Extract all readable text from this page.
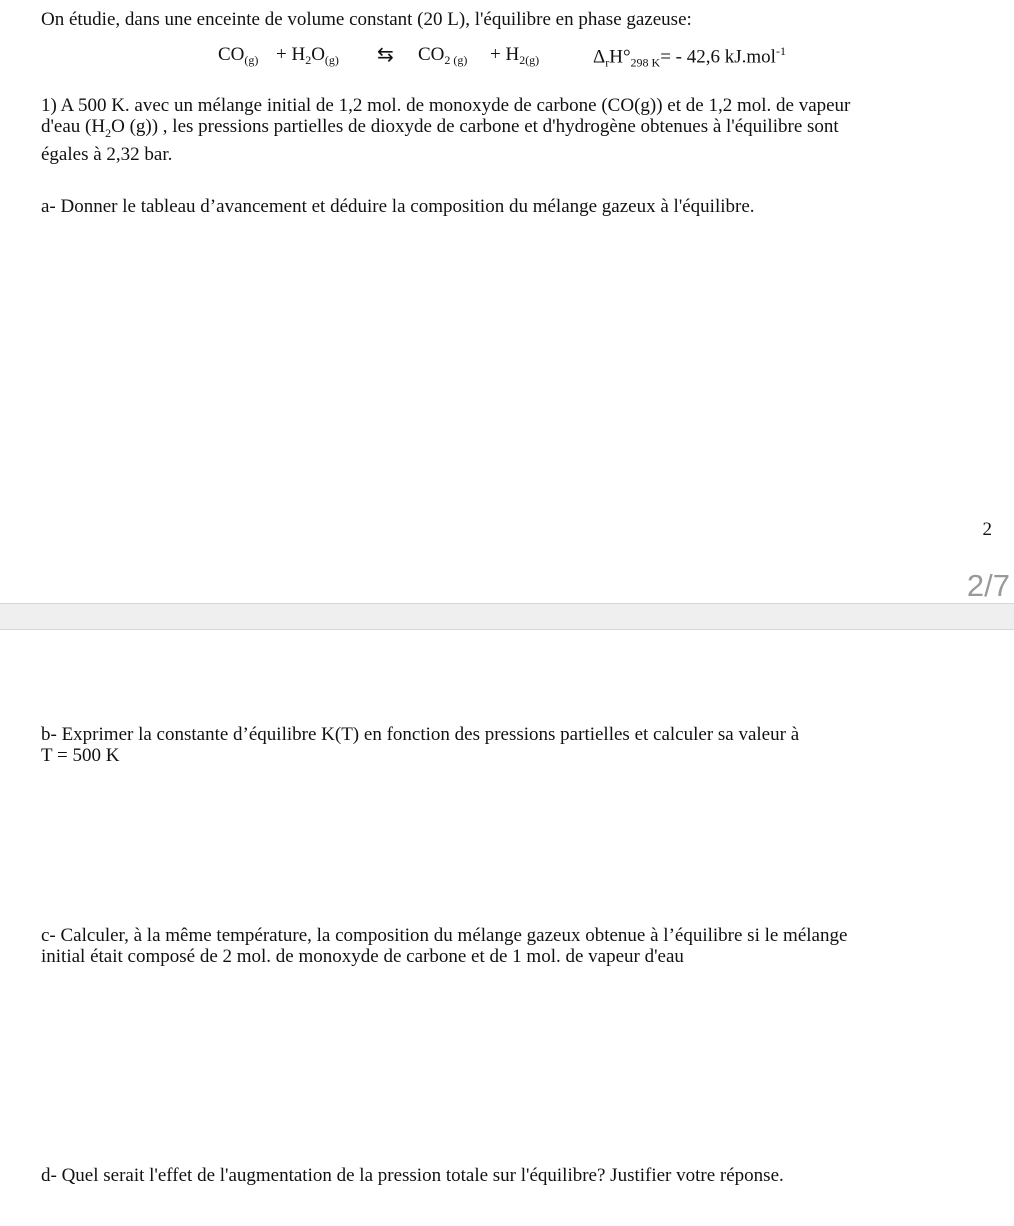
On étudie, dans une enceinte de volume constant (20 L), l'équilibre en phase gazeuse:
$CO_{(g)} + H_2O_{(g)}$ ⇆ $CO_{2 (g)} + H_{2(g)}$	$\Delta_rH^\circ_{298 K}= - 42,6$ kJ.mol$^{-1}$
1) A 500 K. avec un mélange initial de 1,2 mol. de monoxyde de carbone (CO(g)) et de 1,2 mol. de vapeur
d'eau ($H_2O$ (g)) , les pressions partielles de dioxyde de carbone et d'hydrogène obtenues à l'équilibre sont
égales à 2,32 bar.
a- Donner le tableau d’avancement et déduire la composition du mélange gazeux à l'équilibre.
2
2/7
b- Exprimer la constante d’équilibre K(T) en fonction des pressions partielles et calculer sa valeur à
T = 500 K
c- Calculer, à la même température, la composition du mélange gazeux obtenue à l’équilibre si le mélange
initial était composé de 2 mol. de monoxyde de carbone et de 1 mol. de vapeur d'eau
d- Quel serait l'effet de l'augmentation de la pression totale sur l'équilibre? Justifier votre réponse.
